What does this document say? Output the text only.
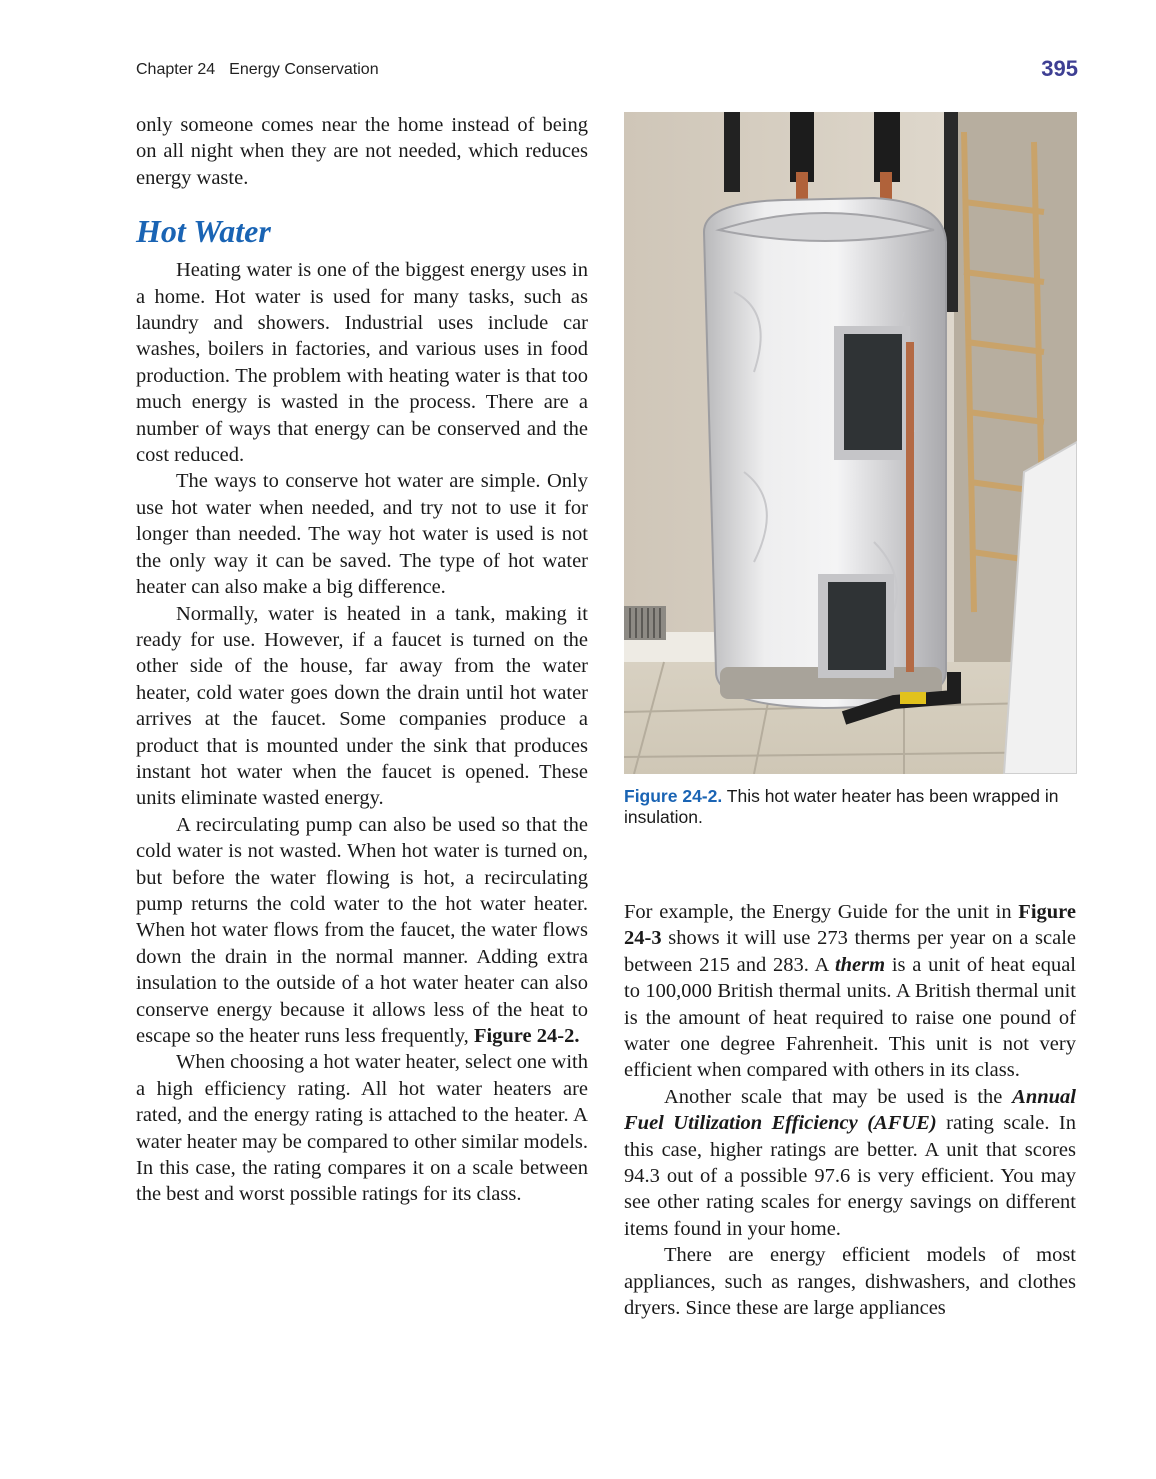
Chapter 24 Energy Conservation	395

only someone comes near the home instead of being on all night when they are not needed, which reduces energy waste.

Hot Water

Heating water is one of the biggest energy uses in a home. Hot water is used for many tasks, such as laundry and showers. Industrial uses include car washes, boilers in factories, and various uses in food production. The problem with heating water is that too much energy is wasted in the process. There are a number of ways that energy can be conserved and the cost reduced.

The ways to conserve hot water are simple. Only use hot water when needed, and try not to use it for longer than needed. The way hot water is used is not the only way it can be saved. The type of hot water heater can also make a big difference.

Normally, water is heated in a tank, making it ready for use. However, if a faucet is turned on the other side of the house, far away from the water heater, cold water goes down the drain until hot water arrives at the faucet. Some companies produce a product that is mounted under the sink that produces instant hot water when the faucet is opened. These units eliminate wasted energy.

A recirculating pump can also be used so that the cold water is not wasted. When hot water is turned on, but before the water flowing is hot, a recirculating pump returns the cold water to the hot water heater. When hot water flows from the faucet, the water flows down the drain in the normal manner. Adding extra insulation to the outside of a hot water heater can also conserve energy because it allows less of the heat to escape so the heater runs less frequently, Figure 24-2.

When choosing a hot water heater, select one with a high efficiency rating. All hot water heaters are rated, and the energy rating is attached to the heater. A water heater may be compared to other similar models. In this case, the rating compares it on a scale between the best and worst possible ratings for its class.

Figure 24-2. This hot water heater has been wrapped in insulation.

For example, the Energy Guide for the unit in Figure 24-3 shows it will use 273 therms per year on a scale between 215 and 283. A therm is a unit of heat equal to 100,000 British thermal units. A British thermal unit is the amount of heat required to raise one pound of water one degree Fahrenheit. This unit is not very efficient when compared with others in its class.

Another scale that may be used is the Annual Fuel Utilization Efficiency (AFUE) rating scale. In this case, higher ratings are better. A unit that scores 94.3 out of a possible 97.6 is very efficient. You may see other rating scales for energy savings on different items found in your home.

There are energy efficient models of most appliances, such as ranges, dishwashers, and clothes dryers. Since these are large appliances
